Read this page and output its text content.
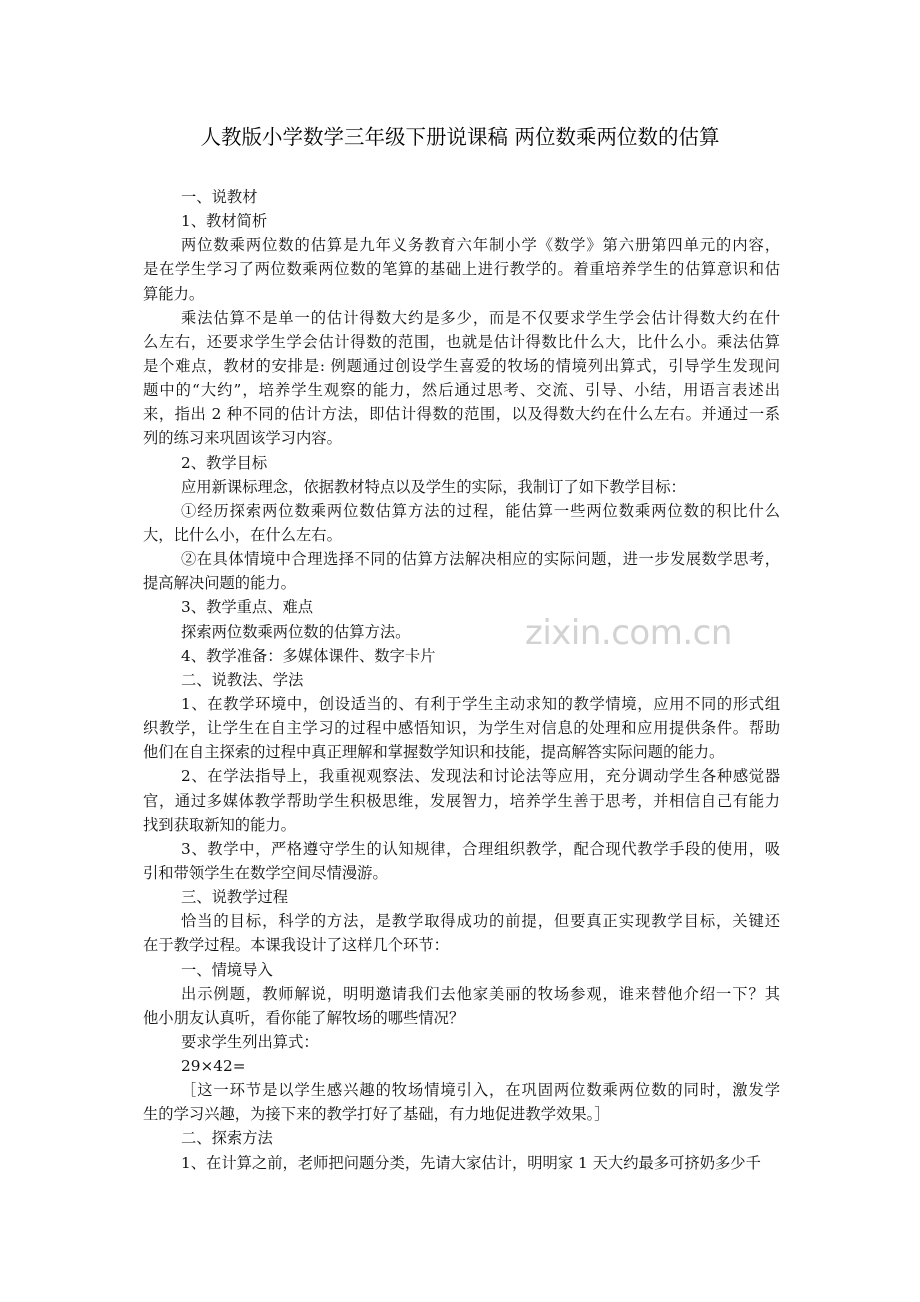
zixin.com.cn
人教版小学数学三年级下册说课稿 两位数乘两位数的估算
一、说教材
1、教材简析
两位数乘两位数的估算是九年义务教育六年制小学《数学》第六册第四单元的内容，
是在学生学习了两位数乘两位数的笔算的基础上进行教学的。着重培养学生的估算意识和估
算能力。
乘法估算不是单一的估计得数大约是多少，而是不仅要求学生学会估计得数大约在什
么左右，还要求学生学会估计得数的范围，也就是估计得数比什么大，比什么小。乘法估算
是个难点，教材的安排是: 例题通过创设学生喜爱的牧场的情境列出算式，引导学生发现问
题中的“大约”，培养学生观察的能力，然后通过思考、交流、引导、小结，用语言表述出
来，指出 2 种不同的估计方法，即估计得数的范围，以及得数大约在什么左右。并通过一系
列的练习来巩固该学习内容。
2、教学目标
应用新课标理念，依据教材特点以及学生的实际，我制订了如下教学目标：
①经历探索两位数乘两位数估算方法的过程，能估算一些两位数乘两位数的积比什么
大，比什么小，在什么左右。
②在具体情境中合理选择不同的估算方法解决相应的实际问题，进一步发展数学思考，
提高解决问题的能力。
3、教学重点、难点
探索两位数乘两位数的估算方法。
4、教学准备：多媒体课件、数字卡片
二、说教法、学法
1、在教学环境中，创设适当的、有利于学生主动求知的教学情境，应用不同的形式组
织教学，让学生在自主学习的过程中感悟知识，为学生对信息的处理和应用提供条件。帮助
他们在自主探索的过程中真正理解和掌握数学知识和技能，提高解答实际问题的能力。
2、在学法指导上，我重视观察法、发现法和讨论法等应用，充分调动学生各种感觉器
官，通过多媒体教学帮助学生积极思维，发展智力，培养学生善于思考，并相信自己有能力
找到获取新知的能力。
3、教学中，严格遵守学生的认知规律，合理组织教学，配合现代教学手段的使用，吸
引和带领学生在数学空间尽情漫游。
三、说教学过程
恰当的目标，科学的方法，是教学取得成功的前提，但要真正实现教学目标，关键还
在于教学过程。本课我设计了这样几个环节：
一、情境导入
出示例题，教师解说，明明邀请我们去他家美丽的牧场参观，谁来替他介绍一下？其
他小朋友认真听，看你能了解牧场的哪些情况？
要求学生列出算式：
29×42=
［这一环节是以学生感兴趣的牧场情境引入，在巩固两位数乘两位数的同时，激发学
生的学习兴趣，为接下来的教学打好了基础，有力地促进教学效果。］
二、探索方法
1、在计算之前，老师把问题分类，先请大家估计，明明家 1 天大约最多可挤奶多少千
